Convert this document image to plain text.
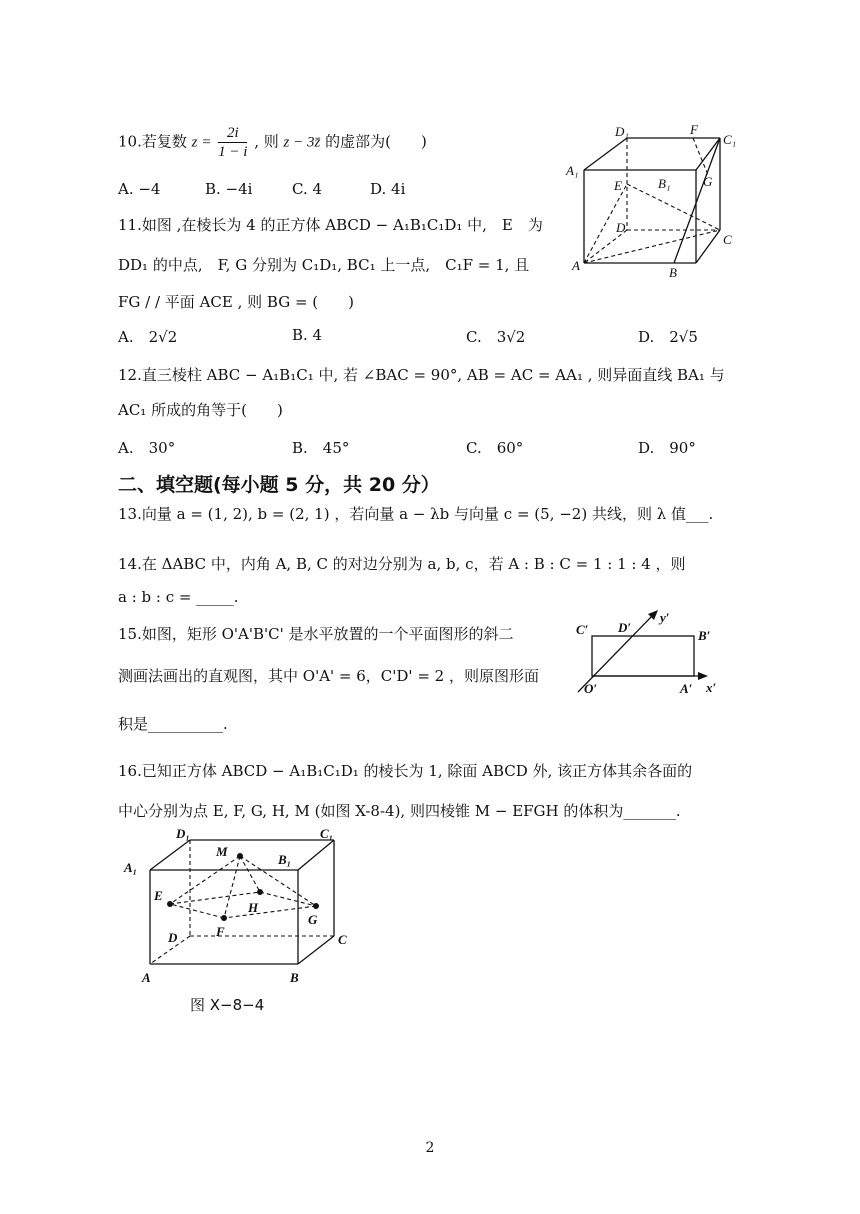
10.若复数 $z = \frac{2i}{1 - i}$ , 则 z − 3z̄ 的虚部为(　　)
A. −4	B. −4i	C. 4	D. 4i
11.如图 ,在棱长为 4 的正方体 ABCD − A₁B₁C₁D₁ 中,　E　为
DD₁ 的中点,　F, G 分别为 C₁D₁, BC₁ 上一点,　C₁F = 1, 且
FG / / 平面 ACE , 则 BG = (　　)
A.　2√2	B. 4	C.　3√2	D.　2√5
D₁	F
C₁
A₁
E	B₁	G
D
C
A	B
12.直三棱柱 ABC − A₁B₁C₁ 中, 若 ∠BAC = 90°, AB = AC = AA₁ , 则异面直线 BA₁ 与
AC₁ 所成的角等于(　　)
A.　30°	B.　45°	C.　60°	D.　90°
二、填空题(每小题 5 分，共 20 分）
13.向量 a = (1, 2), b = (2, 1) ，若向量 a − λb 与向量 c = (5, −2) 共线，则 λ 值___.
14.在 ΔABC 中，内角 A, B, C 的对边分别为 a, b, c，若 A : B : C = 1 : 1 : 4 ，则
a : b : c = _____.
15.如图，矩形 O'A'B'C' 是水平放置的一个平面图形的斜二
测画法画出的直观图，其中 O'A' = 6，C'D' = 2 ，则原图形面
积是__________.
C′ D′
y′
B′
O′	A′ x′
16.已知正方体 ABCD − A₁B₁C₁D₁ 的棱长为 1, 除面 ABCD 外, 该正方体其余各面的
中心分别为点 E, F, G, H, M (如图 X-8-4), 则四棱锥 M − EFGH 的体积为_______.
D₁	C₁
A₁
M
B₁
E
H
G
F
D	C
A	B
图 X−8−4
2
